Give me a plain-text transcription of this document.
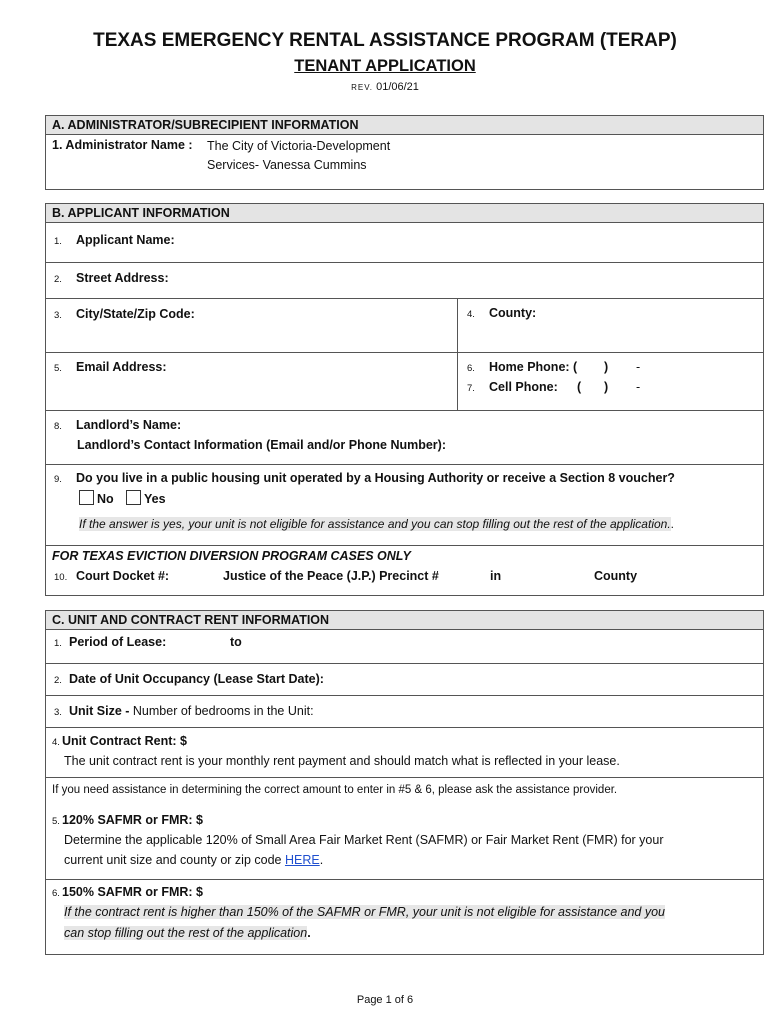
TEXAS EMERGENCY RENTAL ASSISTANCE PROGRAM (TERAP)
TENANT APPLICATION
REV. 01/06/21
A. ADMINISTRATOR/SUBRECIPIENT INFORMATION
1. Administrator Name : The City of Victoria-Development
Services- Vanessa Cummins
B. APPLICANT INFORMATION
1. Applicant Name:
2. Street Address:
3. City/State/Zip Code:	4. County:
5. Email Address:	6. Home Phone: ( ) -
7. Cell Phone: ( ) -
8. Landlord’s Name:
Landlord’s Contact Information (Email and/or Phone Number):
9. Do you live in a public housing unit operated by a Housing Authority or receive a Section 8 voucher?
No	Yes
If the answer is yes, your unit is not eligible for assistance and you can stop filling out the rest of the application..
FOR TEXAS EVICTION DIVERSION PROGRAM CASES ONLY
10. Court Docket #:	Justice of the Peace (J.P.) Precinct #	in	County
C. UNIT AND CONTRACT RENT INFORMATION
1. Period of Lease:	to
2. Date of Unit Occupancy (Lease Start Date):
3. Unit Size - Number of bedrooms in the Unit:
4. Unit Contract Rent: $
The unit contract rent is your monthly rent payment and should match what is reflected in your lease.
If you need assistance in determining the correct amount to enter in #5 & 6, please ask the assistance provider.
5. 120% SAFMR or FMR: $
Determine the applicable 120% of Small Area Fair Market Rent (SAFMR) or Fair Market Rent (FMR) for your
current unit size and county or zip code HERE.
6. 150% SAFMR or FMR: $
If the contract rent is higher than 150% of the SAFMR or FMR, your unit is not eligible for assistance and you
can stop filling out the rest of the application.
Page 1 of 6
